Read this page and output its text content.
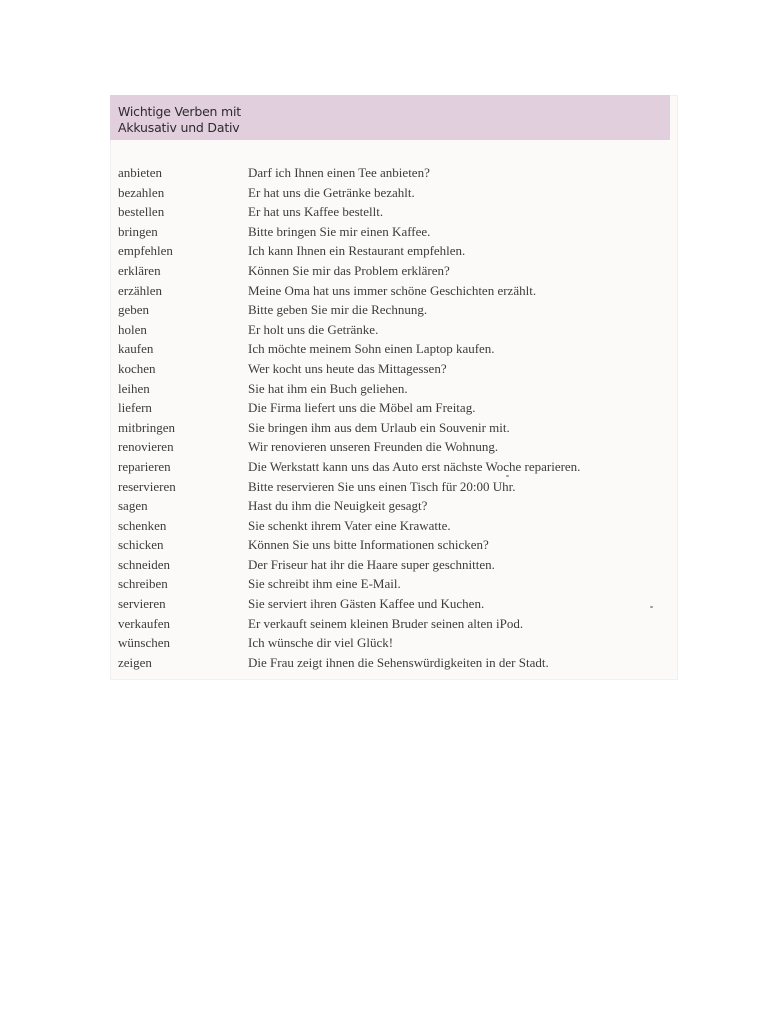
Wichtige Verben mit
Akkusativ und Dativ
anbieten	Darf ich Ihnen einen Tee anbieten?
bezahlen	Er hat uns die Getränke bezahlt.
bestellen	Er hat uns Kaffee bestellt.
bringen	Bitte bringen Sie mir einen Kaffee.
empfehlen	Ich kann Ihnen ein Restaurant empfehlen.
erklären	Können Sie mir das Problem erklären?
erzählen	Meine Oma hat uns immer schöne Geschichten erzählt.
geben	Bitte geben Sie mir die Rechnung.
holen	Er holt uns die Getränke.
kaufen	Ich möchte meinem Sohn einen Laptop kaufen.
kochen	Wer kocht uns heute das Mittagessen?
leihen	Sie hat ihm ein Buch geliehen.
liefern	Die Firma liefert uns die Möbel am Freitag.
mitbringen	Sie bringen ihm aus dem Urlaub ein Souvenir mit.
renovieren	Wir renovieren unseren Freunden die Wohnung.
reparieren	Die Werkstatt kann uns das Auto erst nächste Woche reparieren.
reservieren	Bitte reservieren Sie uns einen Tisch für 20:00 Uhr.
sagen	Hast du ihm die Neuigkeit gesagt?
schenken	Sie schenkt ihrem Vater eine Krawatte.
schicken	Können Sie uns bitte Informationen schicken?
schneiden	Der Friseur hat ihr die Haare super geschnitten.
schreiben	Sie schreibt ihm eine E-Mail.
servieren	Sie serviert ihren Gästen Kaffee und Kuchen.
verkaufen	Er verkauft seinem kleinen Bruder seinen alten iPod.
wünschen	Ich wünsche dir viel Glück!
zeigen	Die Frau zeigt ihnen die Sehenswürdigkeiten in der Stadt.
